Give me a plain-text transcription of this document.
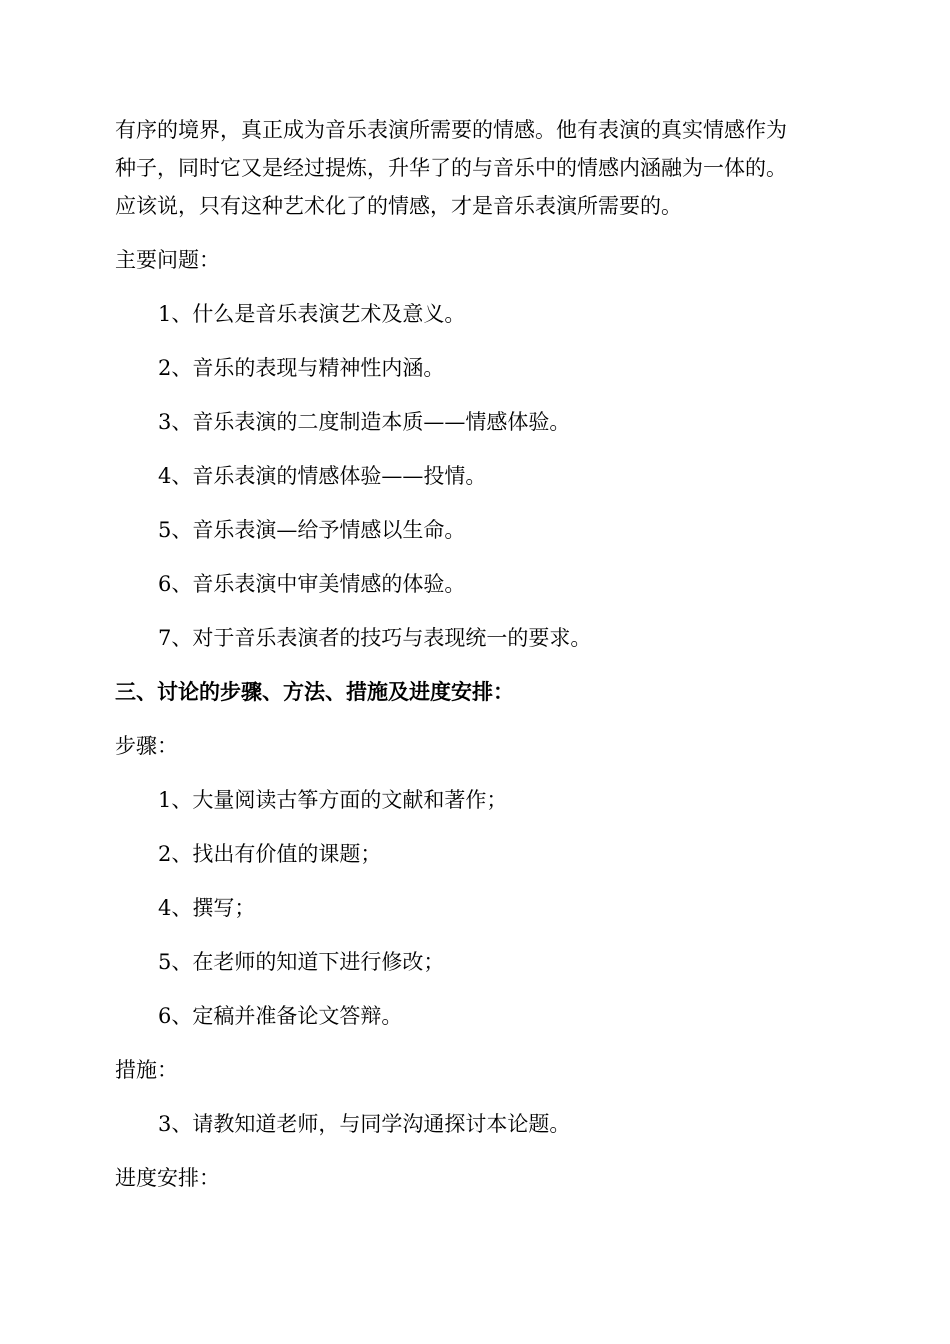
有序的境界，真正成为音乐表演所需要的情感。他有表演的真实情感作为
种子，同时它又是经过提炼，升华了的与音乐中的情感内涵融为一体的。
应该说，只有这种艺术化了的情感，才是音乐表演所需要的。
主要问题：
1、什么是音乐表演艺术及意义。
2、音乐的表现与精神性内涵。
3、音乐表演的二度制造本质——情感体验。
4、音乐表演的情感体验——投情。
5、音乐表演—给予情感以生命。
6、音乐表演中审美情感的体验。
7、对于音乐表演者的技巧与表现统一的要求。
三、讨论的步骤、方法、措施及进度安排：
步骤：
1、大量阅读古筝方面的文献和著作；
2、找出有价值的课题；
4、撰写；
5、在老师的知道下进行修改；
6、定稿并准备论文答辩。
措施：
3、请教知道老师，与同学沟通探讨本论题。
进度安排：
